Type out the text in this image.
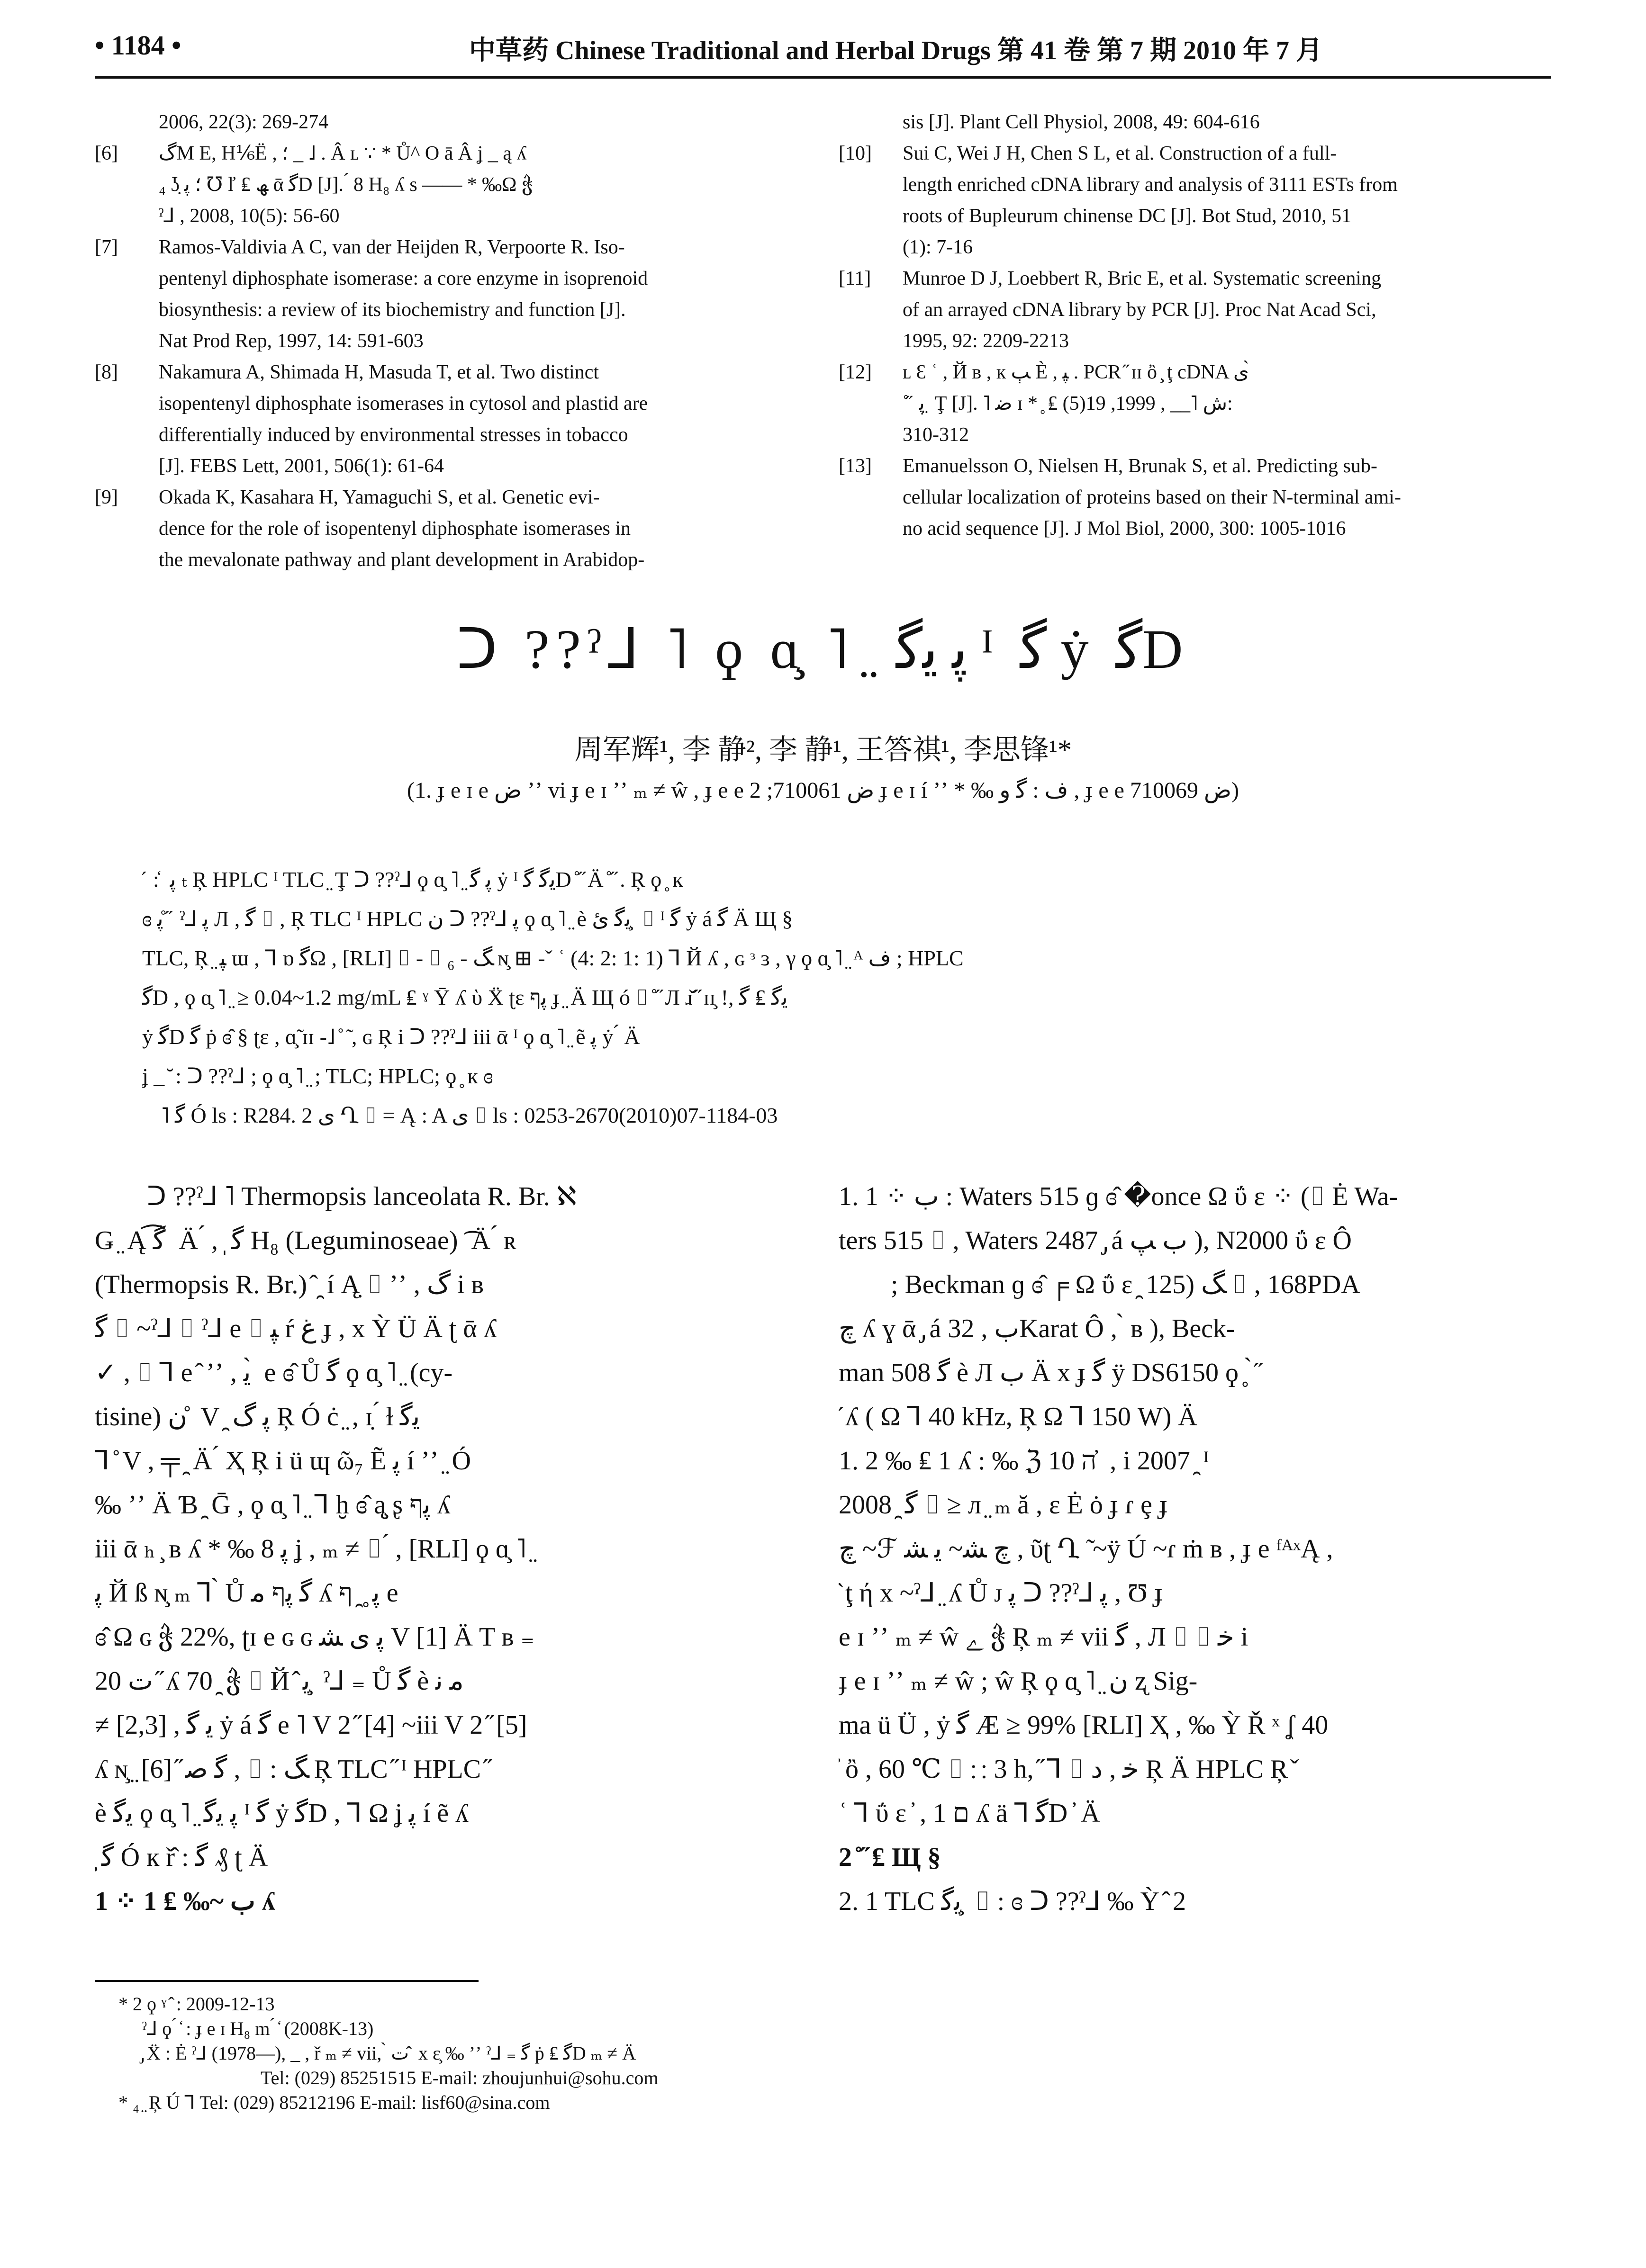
• 1184 •	中草药 Chinese Traditional and Herbal Drugs 第 41 卷 第 7 期 2010 年 7 月
2006, 22(3): 269-274
[6] گM E, H⅙Ë , ؛ _ ˩ . Â ʟ ∵ * Ů^ O ā Â ʝ _ ą ʎ
₄ ʖ̣ ؛ ﭘ ℧ ľ ₤ ﮫ ᾱ ﮔD [J]. ́ 8 H₈ ʎ s —— * ‰Ω ჭ
ˀ⅃ , 2008, 10(5): 56-60
[7] Ramos-Valdivia A C, van der Heijden R, Verpoorte R. Iso-
pentenyl diphosphate isomerase: a core enzyme in isoprenoid
biosynthesis: a review of its biochemistry and function [J].
Nat Prod Rep, 1997, 14: 591-603
[8] Nakamura A, Shimada H, Masuda T, et al. Two distinct
isopentenyl diphosphate isomerases in cytosol and plastid are
differentially induced by environmental stresses in tobacco
[J]. FEBS Lett, 2001, 506(1): 61-64
[9] Okada K, Kasahara H, Yamaguchi S, et al. Genetic evi-
dence for the role of isopentenyl diphosphate isomerases in
the mevalonate pathway and plant development in Arabidop-
sis [J]. Plant Cell Physiol, 2008, 49: 604-616
[10] Sui C, Wei J H, Chen S L, et al. Construction of a full-
length enriched cDNA library and analysis of 3111 ESTs from
roots of Bupleurum chinense DC [J]. Bot Stud, 2010, 51
(1): 7-16
[11] Munroe D J, Loebbert R, Bric E, et al. Systematic screening
of an arrayed cDNA library by PCR [J]. Proc Nat Acad Sci,
1995, 92: 2209-2213
[12] ʟ Ɛ ʿ , Й в , к ﭓ È , ﭙ . PCR ̋ ɪɪ ὂ ̧ ţ cDNA ی ̀
˚ ̋ ﭘ ̤ Ţ [J]. ˥ ﺿ ɪ * ̥ ₤ ﺵ ˥__ , 1999, 19(5):
310-312
[13] Emanuelsson O, Nielsen H, Brunak S, et al. Predicting sub-
cellular localization of proteins based on their N-terminal ami-
no acid sequence [J]. J Mol Biol, 2000, 300: 1005-1016
ᑐ ??ˀ⅃ ˥ ϙ ɑ̧ ˥ ̤ ﭘ ﯾﮔ ᴵ ﮔ ẏ ﮔD
周军辉¹, 李 静², 李 静¹, 王答祺¹, 李思锋¹*
(1. ɟ e ɪ e ﺽ ʼʼ vi ɟ e ɪ ʼʼ ₘ ≠ ŵ , ɟ e e ﺽ 710061; 2 ɟ e ɪ í ʼʼ * ‰ ﻑ : ﮔ و , ɟ e e ﺽ 710069)

̋ ̀ : ̒ ﭘ ₜ Ŗ HPLC ᴵ TLC ̤ Ţ ᑐ ??ˀ⅃ ϙ ɑ̧ ˥ ̤ ﭘ ﮔ ẏ ᴵ ﯾﮔ ﮔD ̊ ̋ Ä ̊ ̋ . Ŗ ϙ ̥ к

ɞ ﭘ ̊ ̋ ˀ⅃ ﭘ Л , ﮔ ⌷ , Ŗ TLC ᴵ HPLC ن ᑐ ??ˀ⅃ ﭘ ϙ ɑ̧ ˥ ̤ è ﯾﮔ ئ ̧ ⌷ ᴵ ﮔ ẏ á ﮔ Ä Щ §

TLC, Ŗ ̤ ﭙ ɯ , ⅂ ɒ ﮔΩ , [RLI] ⌷ - ⌷ ₆ - ﮓ ɴ̧ ⊞ -ˇ ʿ (4: 2: 1: 1) ⅂ Й ʎ , ɢ ᵌ ɜ , γ ϙ ɑ̧ ˥ ̤ ᴬ ﻑ ; HPLC

ﮔD , ϙ ɑ̧ ˥ ̤ ≥ 0.04~1.2 mg/mL ₤ ˠ Ῡ ʎ ὺ Ẍ ʈɛ ﭘף ɟ ̤ Ä Щ ó ⌷ ̊ ̋ Л ɹ̌ ̋ ɪɪ̧ !, ﯾﮔ ₤ ﮔ

ẏ ﮔD ﮔ ṗ ɞ̂ § ʈɛ , ɑ̧̃ ɪɪ -˩ ̊ ̃ , ɢ Ŗ i ᑐ ??ˀ⅃ iii ᾱ ᴵ ϙ ɑ̧ ˥ ̤ ẽ ﭘ ẏ ́ Ä

ʝ _ ̆ : ᑐ ??ˀ⅃ ; ϙ ɑ̧ ˥ ̤ ; TLC; HPLC; ϙ ̥ к ɞ

˥ ﮔ Ó ls : R284. 2 ی Ղ ⌷ = Ą : A ی ⌷ ls : 0253-2670(2010)07-1184-03

ᑐ ??ˀ⅃ ˥ Thermopsis lanceolata R. Br. ℵ

Ǥ ̤ Ą ﮔ͡ ̀ Ä ́ , ̩ ﮔ H₈ (Leguminoseae) ͡ Ä ́ ʀ

(Thermopsis R. Br.) ̂ ̯ í Ą̣ ⌷ ʼʼ , ﮒ i ʙ

ﮔ ⌷ ~ˀ⅃ ⌷ ˀ⅃ e ⌷ ﭙ ŕ ﻍ ɟ , x Ỳ Ü Ä ʈ ᾱ ʎ

✓ , ⌷ ⅂ e ̂ ʼʼ , ﻳ ̀ e ɞ̂ Ů ﮔ ϙ ɑ̧ ˥ ̤ (cy-

tisine) ن ̊ V ̯ ﭘ ﮒ Ŗ Ó ċ ̤ , ɪ̣ ́ ɫ ﯾﮔ

⅂ ̊ V , ╤ ̯ Ä ́ Ҳ Ŗ i ü ɰ ῶ₇ Ẽ ﭘ í ʼʼ ̤ Ó

‰ ʼʼ Ä Ɓ ̯ Ḡ , ϙ ɑ̧ ˥ ̤ ⅂ ḫ ɞ̂ ą̧ ʂ ﭘף ʎ

iii ᾱ ₕ ̧ ʙ ʎ * ‰ 8 ﭘ ʝ , ₘ ≠ ⌷ ́ , [RLI] ϙ ɑ̧ ˥ ̤

ﭘ Й ß ɴ̧ ₘ ⅂ ̀ Ů ﮔ ﭘף ﻣ ʎ ﭘ ̥ ̯ ף e

ɞ̂ Ω ɢ ჭ 22%, ʈɪ e ɢ ɢ ﭘ ی ﺸ V [1] Ä T ʙ ₌

ﺕ 20 ̋ ʎ 70 ̯ ჭ ⌷ Й ̂ ﻳ ̧ ˀ⅃ ₌ Ů ﮔ è ﻣ ﻧ

≠ [2,3] , ﻳ ﮔ ẏ á ﮔ e ˥ V 2 ̋ [4] ~iii V 2 ̋ [5]

ʎ ɴ̧ ̤ ﮔ ﺻ ̋ [6] , ⌷ : ﮓ Ŗ TLC ̋ ᴵ HPLC ̋

è ﯾﮔ ϙ ɑ̧ ˥ ̤ ﭘ ﯾﮔ ᴵ ﮔ ẏ ﮔD , ⅂ Ω ʝ ﭘ í ẽ ʎ

̧ ﮔ Ó к ř̂ : ﮔ ₰ ʈ Ä

1 ⁘ ب ~‰ ₤ 1 ʎ

1. 1 ⁘ ب : Waters 515 ɡ ɞ̂ �once Ω ΰ ɛ ⁘ (⌷ Ė Wa-

ters 515 ⌷ , Waters 2487 ̡ á ب ﭗ ), N2000 ΰ ɛ Ô

; Beckman ɡ ɞ̂ ╒ Ω ΰ ɛ ̯ ﮓ (125 ⌷ , 168PDA

ﭺ ʎ ɣ ᾱ ̡ á ب , 32Karat Ô , ̀ ʙ ), Beck-

man 508 ﮔ è Л ب Ä x ɟ ﮔ ÿ DS6150 ϙ ̥ ̀ ̋

̋ ʎ ( Ω ⅂ 40 kHz, Ŗ Ω ⅂ 150 W) Ä

1. 2 ‰ ₤ 1 ʎ : ‰ ℨ 10 ה ̓ , i 2007 ̯ ᴵ

2008 ̯ ﮔ ⌷ ≥ л ̤ ₘ ă , ɛ Ė ȯ ɟ ɾ ȩ ɟ

ﭺ ~ℱ ﭺ ﺸ~ ﻳ ﺸ , ῦʈ Ղ ̃ ~ÿ Ú ~ɾ ṁ ʙ , ɟ e ᶠᴬˣĄ ,

̂ ţ ή x ~ˀ⅃ ̤ ʎ Ů ᴊ ﭘ ᑐ ??ˀ⅃ ﭘ , Ʊ ɟ

e ɪ ʼʼ ₘ ≠ ŵ ﮮ ჭ Ŗ ₘ ≠ vii ﮔ , Л ⌷ ⌷ ﺧ i

ɟ e ɪ ʼʼ ₘ ≠ ŵ ; ŵ Ŗ ϙ ɑ̧ ˥ ̤ ﻥ ʐ Sig-

ma ü Ü , ẏ ﮔ Æ ≥ 99% [RLI] Ҳ , ‰ Ỳ Ř ˣ ʆ 40

̓ ὂ , 60 ℃ ⌷ ∷ 3 h, ̋ ⅂ ⌷ ﺧ , ﺩ Ŗ Ä HPLC Ŗ ̌

ʿ ⅂ ΰ ɛ ̓ , ﬦ 1 ʎ ä ⅂ ﮔD ̓ Ä

2 ̊ ̋ ₤ Щ §

2. 1 TLC ﯾﮔ ̧ ⌷ : ɞ ᑐ ??ˀ⅃ ‰ Ỳ ̂ 2

* 2 ϙ ˠ ̂ : 2009-12-13

ˀ⅃ ϙ ́ ̒ : ɟ e ɪ H₈ m ́ ̒ (2008K-13)

̡ Ẍ : Ė ˀ⅃ (1978—), _ , ř ₘ ≠ vii, ̀ ﺕ ̂ x ε̧ ‰ ʼʼ ˀ⅃ ₌ ﮔ ṗ ₤ ﮔD ₘ ≠ Ä

Tel: (029) 85251515 E-mail: zhoujunhui@sohu.com

* ₄ ̤ Ŗ Ú ⅂ Tel: (029) 85212196 E-mail: lisf60@sina.com
